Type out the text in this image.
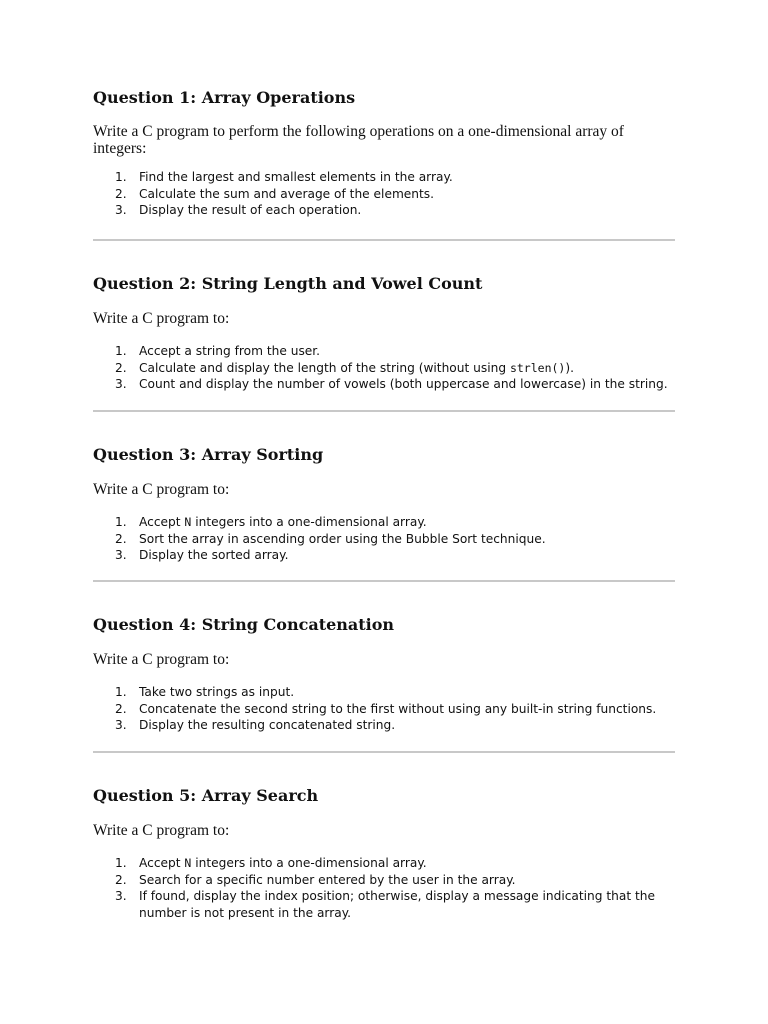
Question 1: Array Operations

Write a C program to perform the following operations on a one-dimensional array of integers:

1.	Find the largest and smallest elements in the array.
2.	Calculate the sum and average of the elements.
3.	Display the result of each operation.
Question 2: String Length and Vowel Count

Write a C program to:

1.	Accept a string from the user.
2.	Calculate and display the length of the string (without using strlen()).
3.	Count and display the number of vowels (both uppercase and lowercase) in the string.
Question 3: Array Sorting

Write a C program to:

1.	Accept N integers into a one-dimensional array.
2.	Sort the array in ascending order using the Bubble Sort technique.
3.	Display the sorted array.
Question 4: String Concatenation

Write a C program to:

1.	Take two strings as input.
2.	Concatenate the second string to the first without using any built-in string functions.
3.	Display the resulting concatenated string.
Question 5: Array Search

Write a C program to:

1.	Accept N integers into a one-dimensional array.
2.	Search for a specific number entered by the user in the array.
3.	If found, display the index position; otherwise, display a message indicating that the number is not present in the array.
